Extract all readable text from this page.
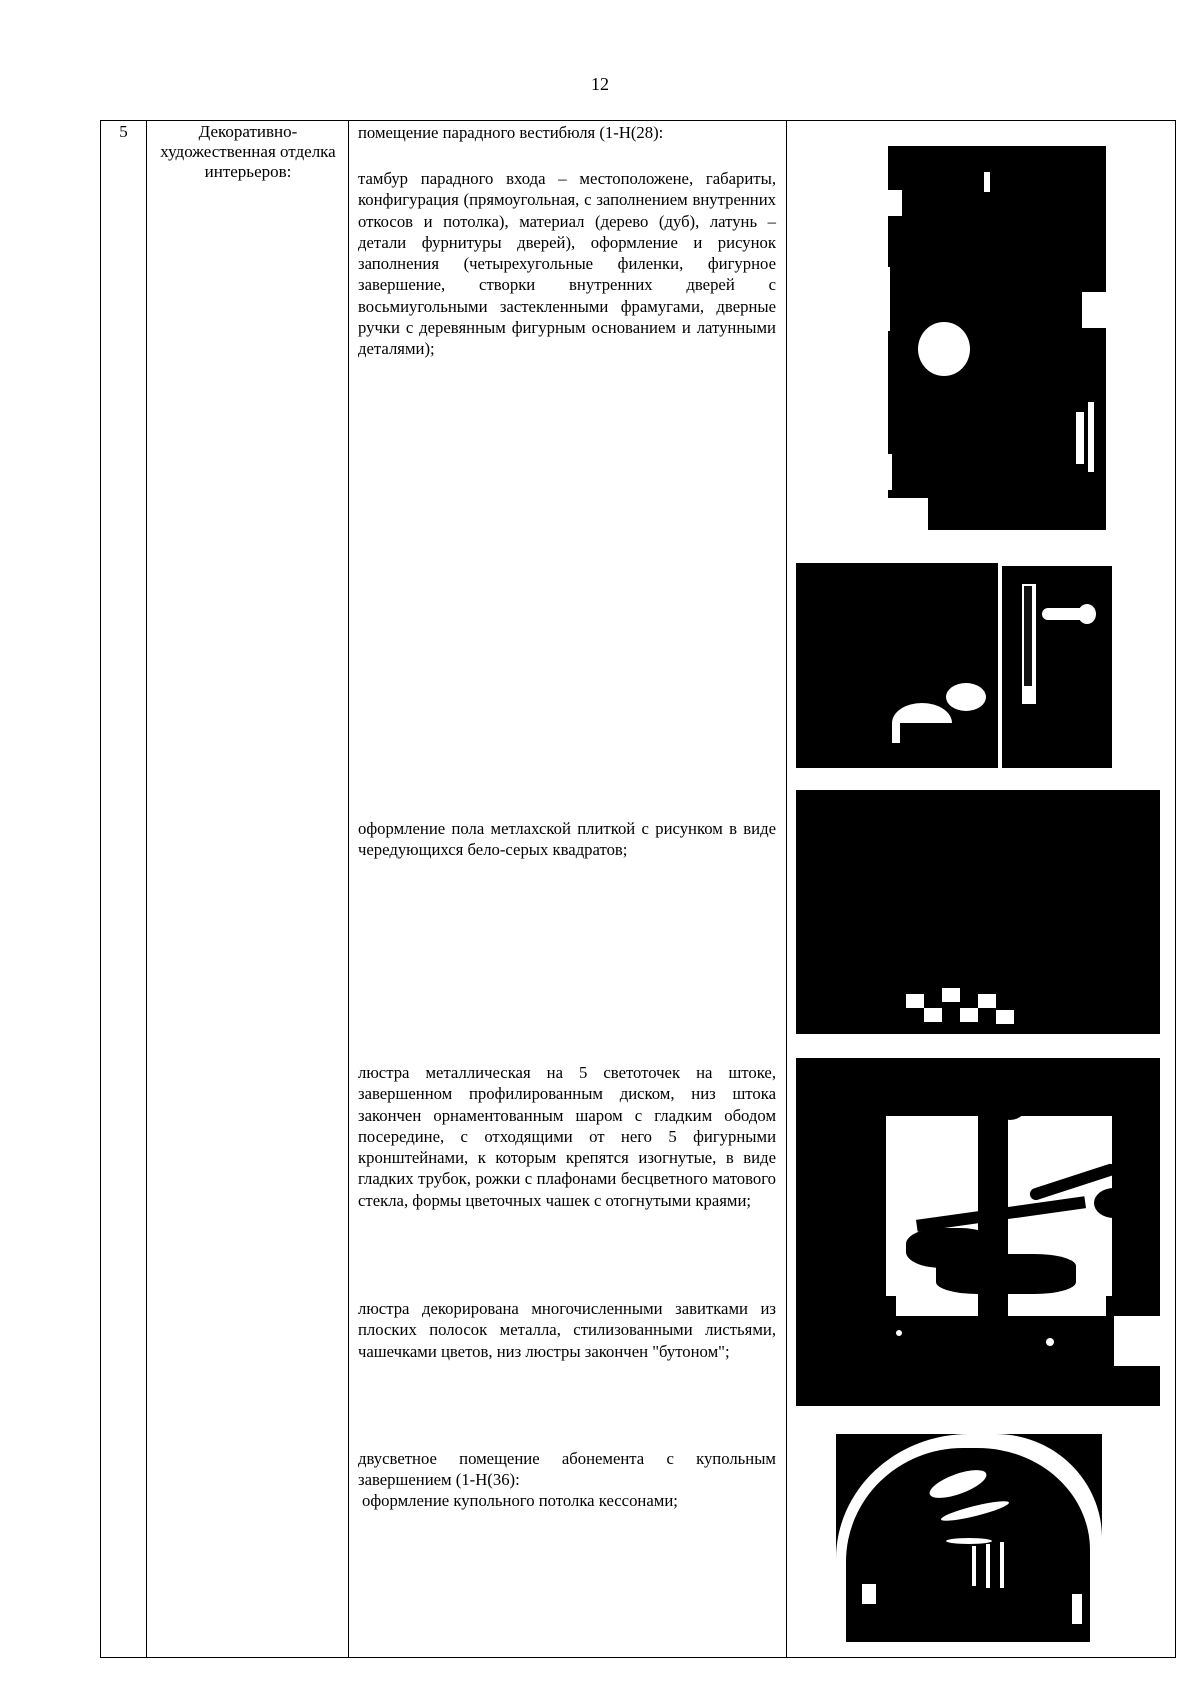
12
5	Декоративно-художественная отделка интерьеров:
помещение парадного вестибюля (1-Н(28):
тамбур парадного входа – местоположене, габариты, конфигурация (прямоугольная, с заполнением внутренних откосов и потолка), материал (дерево (дуб), латунь – детали фурнитуры дверей), оформление и рисунок заполнения (четырехугольные филенки, фигурное завершение, створки внутренних дверей с восьмиугольными застекленными фрамугами, дверные ручки с деревянным фигурным основанием и латунными деталями);
оформление пола метлахской плиткой с рисунком в виде чередующихся бело-серых квадратов;
люстра металлическая на 5 светоточек на штоке, завершенном профилированным диском, низ штока закончен орнаментованным шаром с гладким ободом посередине, с отходящими от него 5 фигурными кронштейнами, к которым крепятся изогнутые, в виде гладких трубок, рожки с плафонами бесцветного матового стекла, формы цветочных чашек с отогнутыми краями;
люстра декорирована многочисленными завитками из плоских полосок металла, стилизованными листьями, чашечками цветов, низ люстры закончен "бутоном";
двусветное помещение абонемента с купольным завершением (1-Н(36):
оформление купольного потолка кессонами;
